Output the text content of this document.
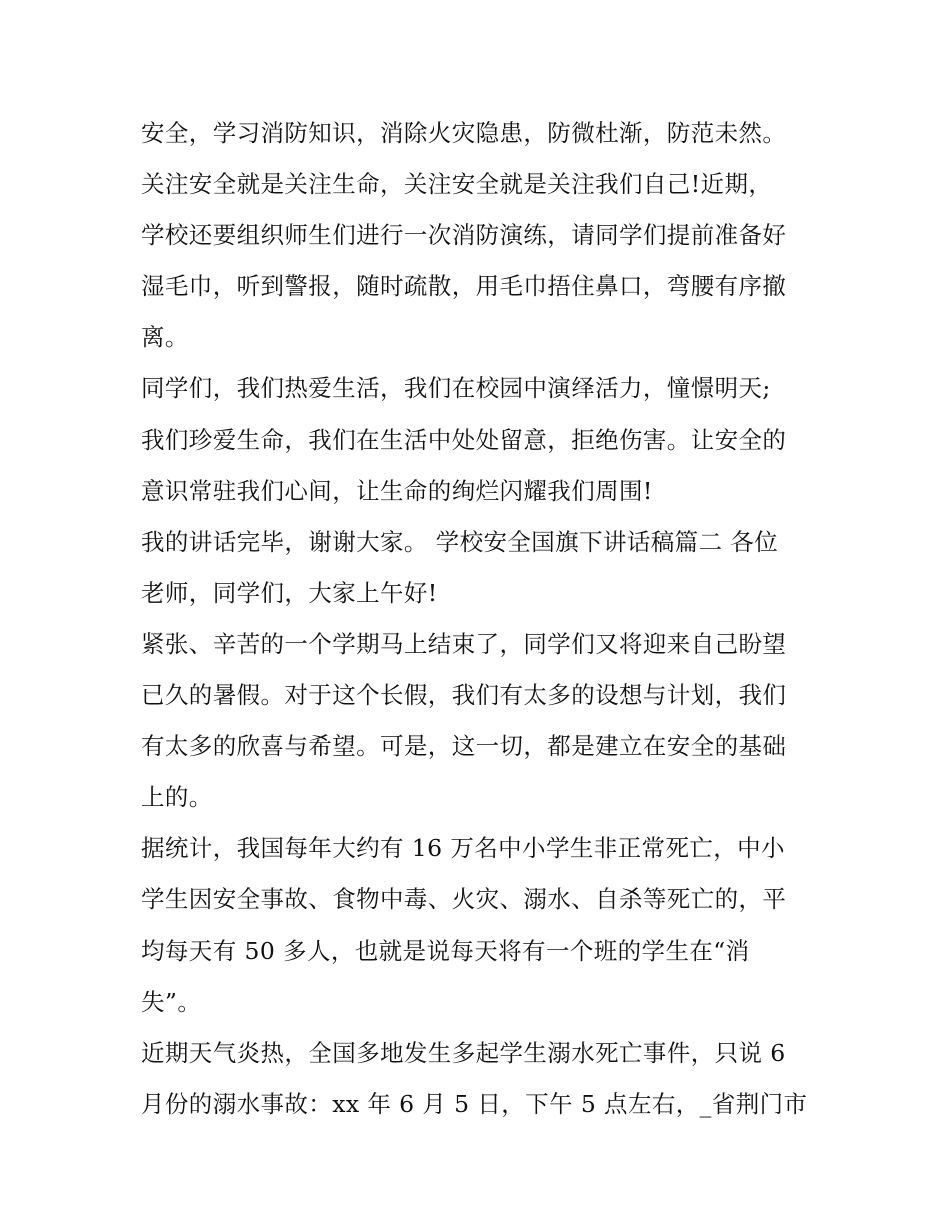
安全，学习消防知识，消除火灾隐患，防微杜渐，防范未然。
关注安全就是关注生命，关注安全就是关注我们自己!近期，
学校还要组织师生们进行一次消防演练，请同学们提前准备好
湿毛巾，听到警报，随时疏散，用毛巾捂住鼻口，弯腰有序撤
离。
同学们，我们热爱生活，我们在校园中演绎活力，憧憬明天;
我们珍爱生命，我们在生活中处处留意，拒绝伤害。让安全的
意识常驻我们心间，让生命的绚烂闪耀我们周围!
我的讲话完毕，谢谢大家。 学校安全国旗下讲话稿篇二 各位
老师，同学们，大家上午好!
紧张、辛苦的一个学期马上结束了，同学们又将迎来自己盼望
已久的暑假。对于这个长假，我们有太多的设想与计划，我们
有太多的欣喜与希望。可是，这一切，都是建立在安全的基础
上的。
据统计，我国每年大约有 16 万名中小学生非正常死亡，中小
学生因安全事故、食物中毒、火灾、溺水、自杀等死亡的，平
均每天有 50 多人，也就是说每天将有一个班的学生在“消
失”。
近期天气炎热，全国多地发生多起学生溺水死亡事件，只说 6
月份的溺水事故：xx 年 6 月 5 日，下午 5 点左右，_省荆门市
